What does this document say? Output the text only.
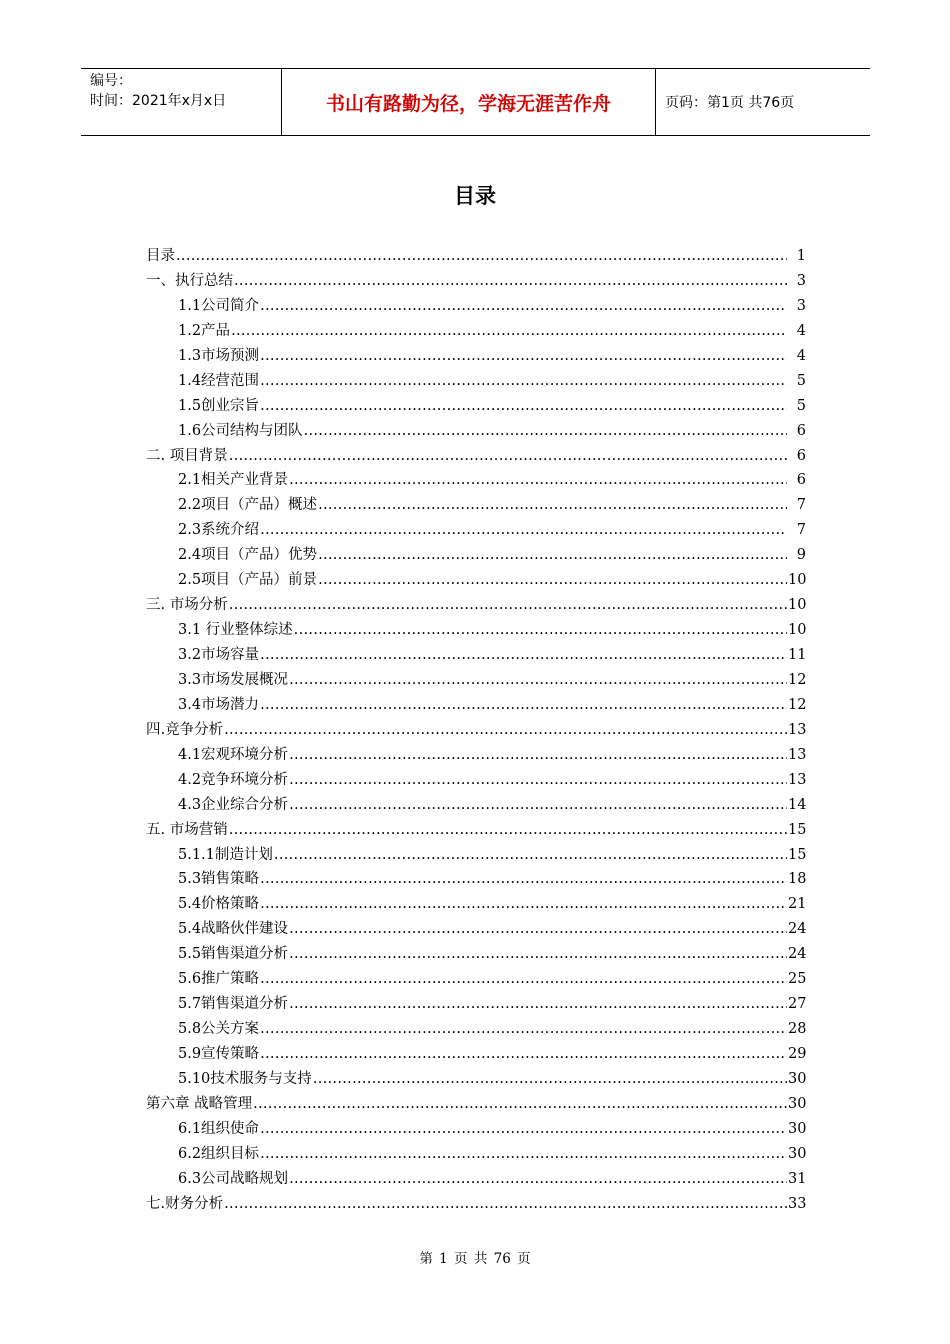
编号：
时间：2021年x月x日	书山有路勤为径，学海无涯苦作舟	页码：第1页 共76页
目录
目录 .....	1
一、执行总结 .....	3
1.1公司简介 .....	3
1.2产品 .....	4
1.3市场预测 .....	4
1.4经营范围 .....	5
1.5创业宗旨 .....	5
1.6公司结构与团队 .....	6
二. 项目背景 .....	6
2.1相关产业背景 .....	6
2.2项目（产品）概述 .....	7
2.3系统介绍 .....	7
2.4项目（产品）优势 .....	9
2.5项目（产品）前景 .....	10
三. 市场分析 .....	10
3.1 行业整体综述 .....	10
3.2市场容量 .....	11
3.3市场发展概况 .....	12
3.4市场潜力 .....	12
四.竞争分析 .....	13
4.1宏观环境分析 .....	13
4.2竞争环境分析 .....	13
4.3企业综合分析 .....	14
五. 市场营销 .....	15
5.1.1制造计划 .....	15
5.3销售策略 .....	18
5.4价格策略 .....	21
5.4战略伙伴建设 .....	24
5.5销售渠道分析 .....	24
5.6推广策略 .....	25
5.7销售渠道分析 .....	27
5.8公关方案 .....	28
5.9宣传策略 .....	29
5.10技术服务与支持 .....	30
第六章 战略管理 .....	30
6.1组织使命 .....	30
6.2组织目标 .....	30
6.3公司战略规划 .....	31
七.财务分析 .....	33
第 1 页 共 76 页
